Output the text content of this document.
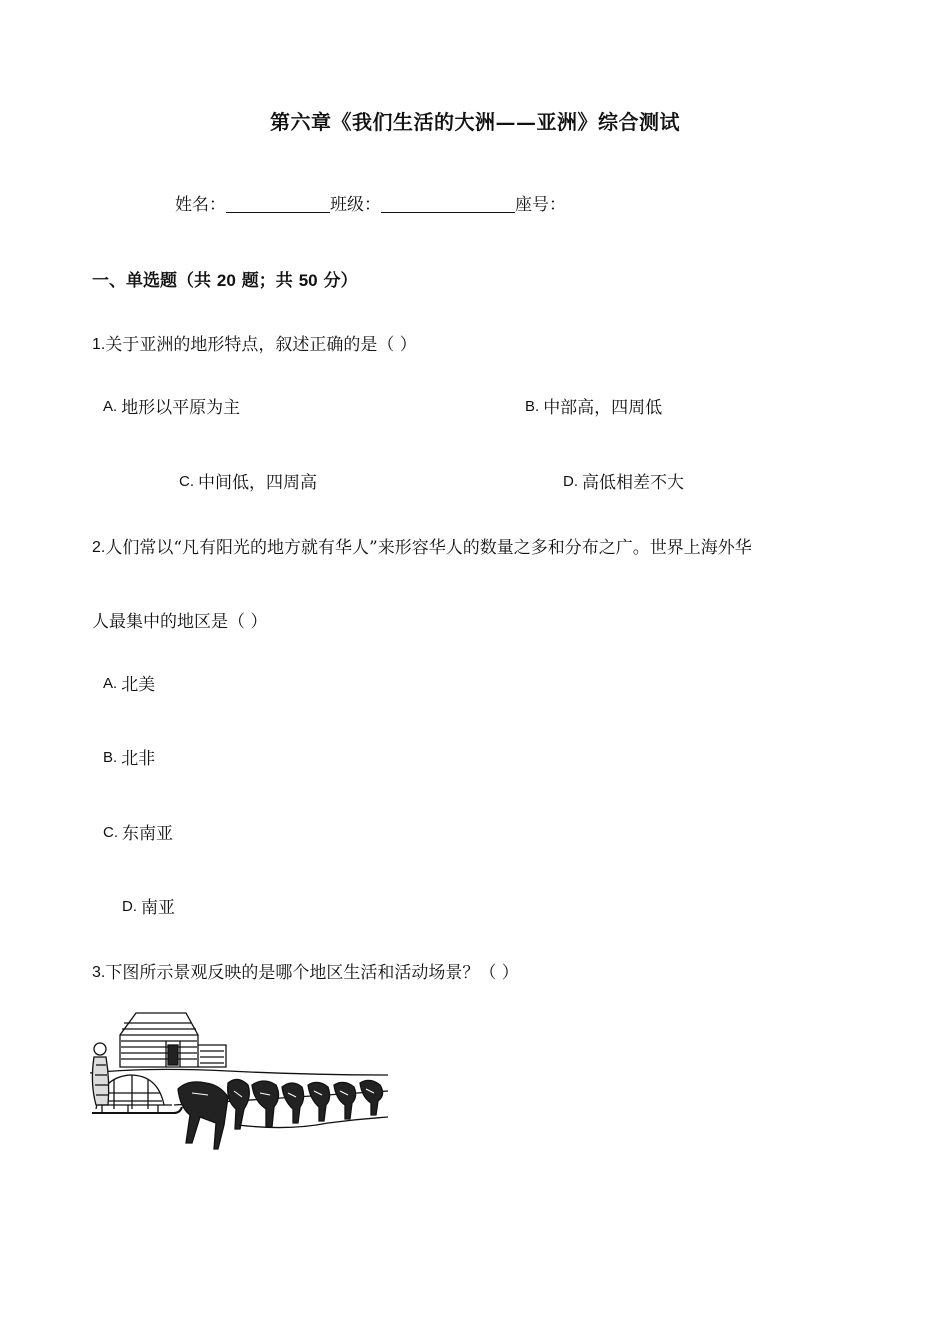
第六章《我们生活的大洲——亚洲》综合测试
姓名：	班级：	座号：
一、单选题（共 20 题；共 50 分）
1.关于亚洲的地形特点，叙述正确的是（ ）
A. 地形以平原为主	B. 中部高，四周低
C. 中间低，四周高	D. 高低相差不大
2.人们常以“凡有阳光的地方就有华人”来形容华人的数量之多和分布之广。世界上海外华
人最集中的地区是（ ）
A. 北美
B. 北非
C. 东南亚
D. 南亚
3.下图所示景观反映的是哪个地区生活和活动场景？（ ）
